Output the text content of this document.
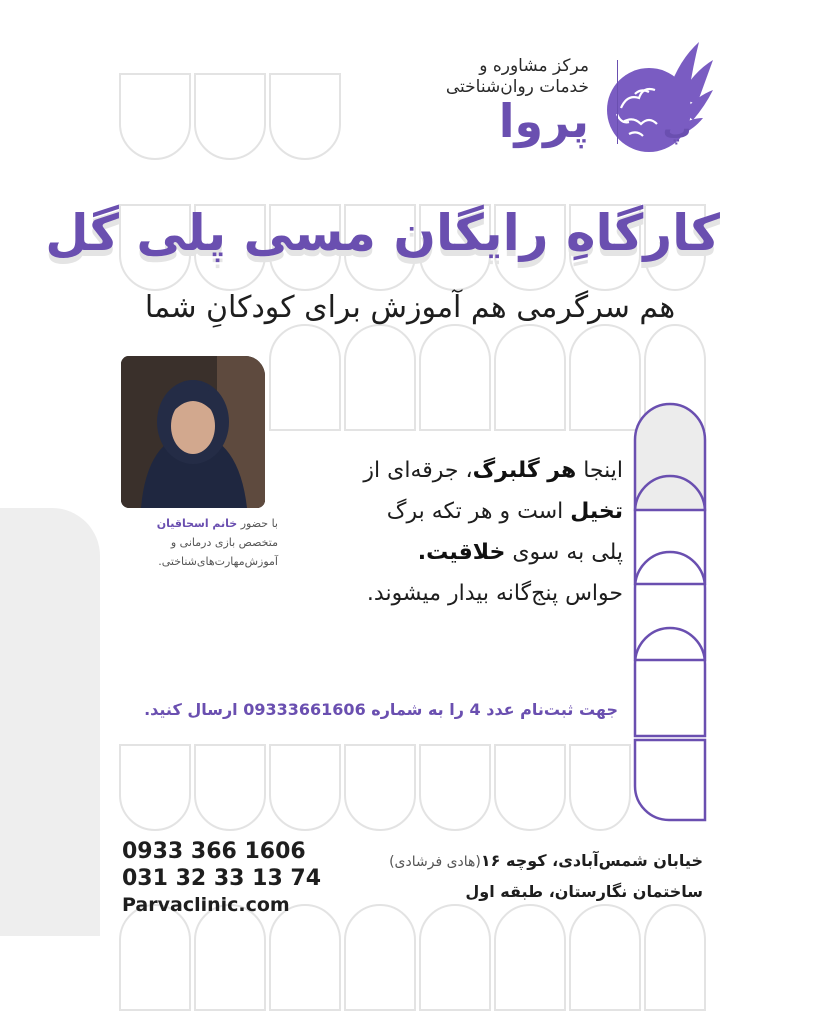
ﭖ
مرکز مشاوره و
خدمات روان‌شناختی
پروا
کارگاهِ رایگان مسی پلی گل
هم سرگرمی هم آموزش برای کودکانِ شما
با حضور خانم اسحاقیان
متخصص بازی درمانی و
آموزش‌مهارت‌های‌شناختی.
اینجا هر گلبرگ، جرقه‌ای از
تخیل است و هر تکه برگ
پلی به سوی خلاقیت.
حواس پنج‌گانه بیدار میشوند.
جهت ثبت‌نام عدد 4 را به شماره 09333661606 ارسال کنید.
0933 366 1606
031 32 33 13 74
Parvaclinic.com
خیابان شمس‌آبادی، کوچه ۱۶(هادی فرشادی)
ساختمان نگارستان، طبقه اول
